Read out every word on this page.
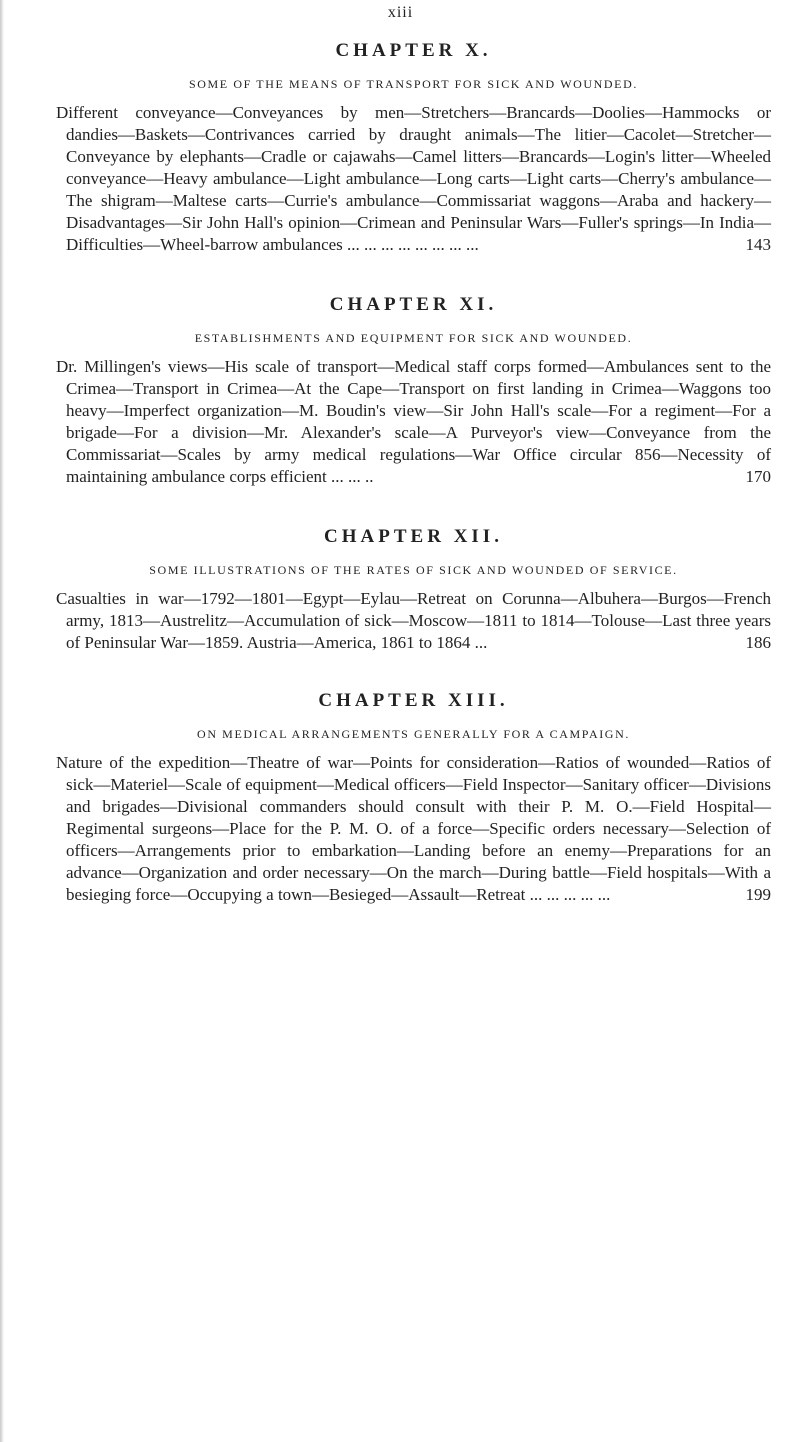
xiii
CHAPTER X.
SOME OF THE MEANS OF TRANSPORT FOR SICK AND WOUNDED.

Different conveyance—Conveyances by men—Stretchers—Brancards—Doolies—Hammocks or dandies—Baskets—Contrivances carried by draught animals—The litier—Cacolet—Stretcher—Conveyance by elephants—Cradle or cajawahs—Camel litters—Brancards—Login's litter—Wheeled conveyance—Heavy ambulance—Light ambulance—Long carts—Light carts—Cherry's ambulance—The shigram—Maltese carts—Currie's ambulance—Commissariat waggons—Araba and hackery—Disadvantages—Sir John Hall's opinion—Crimean and Peninsular Wars—Fuller's springs—In India—Difficulties—Wheel-barrow ambulances ... ... ... ... ... ... ... ...	143

CHAPTER XI.
ESTABLISHMENTS AND EQUIPMENT FOR SICK AND WOUNDED.

Dr. Millingen's views—His scale of transport—Medical staff corps formed—Ambulances sent to the Crimea—Transport in Crimea—At the Cape—Transport on first landing in Crimea—Waggons too heavy—Imperfect organization—M. Boudin's view—Sir John Hall's scale—For a regiment—For a brigade—For a division—Mr. Alexander's scale—A Purveyor's view—Conveyance from the Commissariat—Scales by army medical regulations—War Office circular 856—Necessity of maintaining ambulance corps efficient ... ... ..	170

CHAPTER XII.
SOME ILLUSTRATIONS OF THE RATES OF SICK AND WOUNDED OF SERVICE.

Casualties in war—1792—1801—Egypt—Eylau—Retreat on Corunna—Albuhera—Burgos—French army, 1813—Austrelitz—Accumulation of sick—Moscow—1811 to 1814—Tolouse—Last three years of Peninsular War—1859. Austria—America, 1861 to 1864 ...	186

CHAPTER XIII.
ON MEDICAL ARRANGEMENTS GENERALLY FOR A CAMPAIGN.

Nature of the expedition—Theatre of war—Points for consideration—Ratios of wounded—Ratios of sick—Materiel—Scale of equipment—Medical officers—Field Inspector—Sanitary officer—Divisions and brigades—Divisional commanders should consult with their P. M. O.—Field Hospital—Regimental surgeons—Place for the P. M. O. of a force—Specific orders necessary—Selection of officers—Arrangements prior to embarkation—Landing before an enemy—Preparations for an advance—Organization and order necessary—On the march—During battle—Field hospitals—With a besieging force—Occupying a town—Besieged—Assault—Retreat ... ... ... ... ...	199
